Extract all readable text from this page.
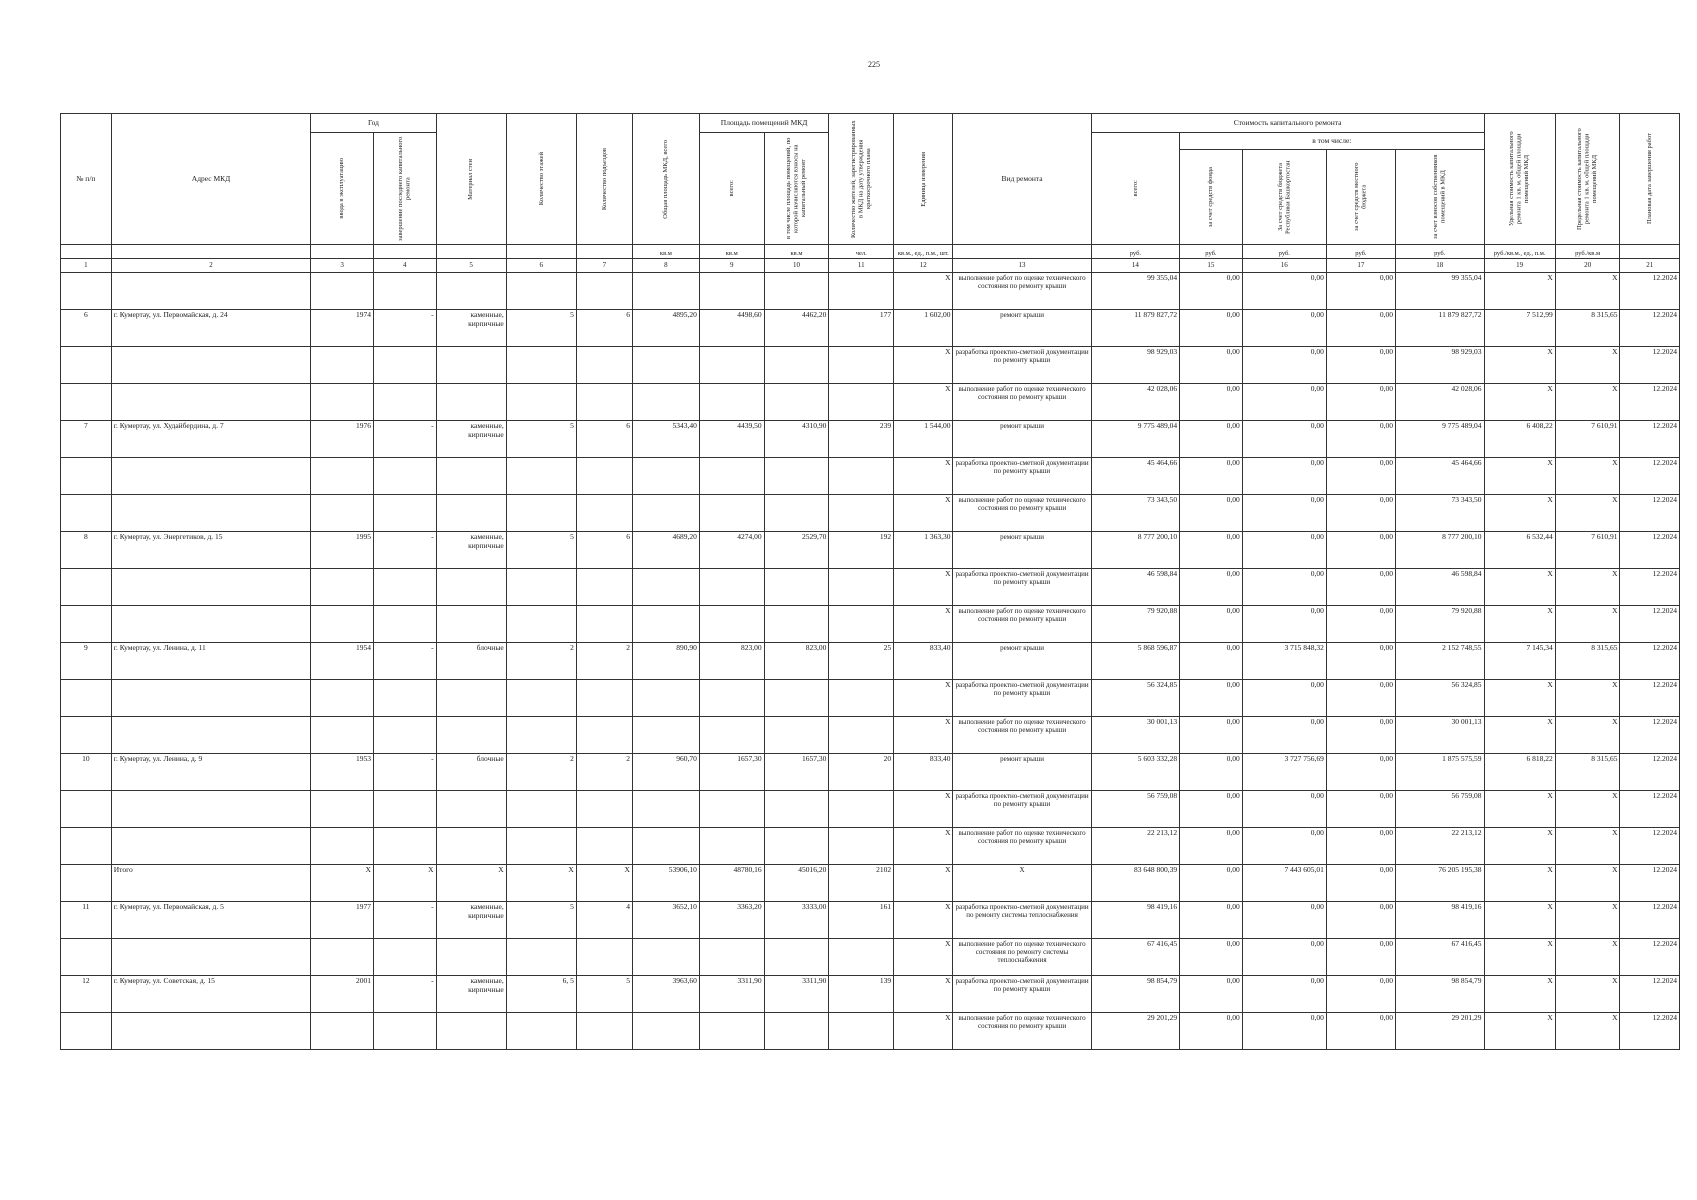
225
№ п/п	Адрес МКД	Год		Материал стен	Количество этажей	Количество подъездов	Общая площадь МКД, всего	Площадь помещений МКД		Количество жителей, зарегистрированных в МКД на дату утверждения краткосрочного плана	Единица измерения	Вид ремонта	Стоимость капитального ремонта					Удельная стоимость капитального ремонта 1 кв. м. общей площади помещений МКД	Предельная стоимость капитального ремонта 1 кв. м. общей площади помещений МКД	Плановая дата завершения работ

		ввода в эксплуатацию	завершение последнего капитального ремонта					всего:	в том числе площадь помещений, по которой начисляются взносы на капитальный ремонт				всего:	в том числе:						

														за счет средств фонда	За счет средств бюджета Республики Башкортостан	за счет средств местного бюджета	за счет взносов собственников помещений в МКД			

							кв.м	кв.м	кв.м	чел.	кв.м., ед., п.м., шт.		руб.	руб.	руб.	руб.	руб.	руб./кв.м., ед., п.м.	руб./кв.м	
1	2	3	4	5	6	7	8	9	10	11	12	13	14	15	16	17	18	19	20	21
											X	выполнение работ по оценке технического состояния по ремонту крыши	99 355,04	0,00	0,00	0,00	99 355,04	X	X	12.2024
6	г. Кумертау, ул. Первомайская, д. 24	1974	-	каменные, кирпичные	5	6	4895,20	4498,60	4462,20	177	1 602,00	ремонт крыши	11 879 827,72	0,00	0,00	0,00	11 879 827,72	7 512,99	8 315,65	12.2024
											X	разработка проектно-сметной документации по ремонту крыши	98 929,03	0,00	0,00	0,00	98 929,03	X	X	12.2024
											X	выполнение работ по оценке технического состояния по ремонту крыши	42 028,06	0,00	0,00	0,00	42 028,06	X	X	12.2024
7	г. Кумертау, ул. Худайбердина, д. 7	1976	-	каменные, кирпичные	5	6	5343,40	4439,50	4310,90	239	1 544,00	ремонт крыши	9 775 489,04	0,00	0,00	0,00	9 775 489,04	6 408,22	7 610,91	12.2024
											X	разработка проектно-сметной документации по ремонту крыши	45 464,66	0,00	0,00	0,00	45 464,66	X	X	12.2024
											X	выполнение работ по оценке технического состояния по ремонту крыши	73 343,50	0,00	0,00	0,00	73 343,50	X	X	12.2024
8	г. Кумертау, ул. Энергетиков, д. 15	1995	-	каменные, кирпичные	5	6	4689,20	4274,00	2529,70	192	1 363,30	ремонт крыши	8 777 200,10	0,00	0,00	0,00	8 777 200,10	6 532,44	7 610,91	12.2024
											X	разработка проектно-сметной документации по ремонту крыши	46 598,84	0,00	0,00	0,00	46 598,84	X	X	12.2024
											X	выполнение работ по оценке технического состояния по ремонту крыши	79 920,88	0,00	0,00	0,00	79 920,88	X	X	12.2024
9	г. Кумертау, ул. Ленина, д. 11	1954	-	блочные	2	2	890,90	823,00	823,00	25	833,40	ремонт крыши	5 868 596,87	0,00	3 715 848,32	0,00	2 152 748,55	7 145,34	8 315,65	12.2024
											X	разработка проектно-сметной документации по ремонту крыши	56 324,85	0,00	0,00	0,00	56 324,85	X	X	12.2024
											X	выполнение работ по оценке технического состояния по ремонту крыши	30 001,13	0,00	0,00	0,00	30 001,13	X	X	12.2024
10	г. Кумертау, ул. Ленина, д. 9	1953	-	блочные	2	2	960,70	1657,30	1657,30	20	833,40	ремонт крыши	5 603 332,28	0,00	3 727 756,69	0,00	1 875 575,59	6 818,22	8 315,65	12.2024
											X	разработка проектно-сметной документации по ремонту крыши	56 759,08	0,00	0,00	0,00	56 759,08	X	X	12.2024
											X	выполнение работ по оценке технического состояния по ремонту крыши	22 213,12	0,00	0,00	0,00	22 213,12	X	X	12.2024
	Итого	X	X	X	X	X	53906,10	48780,16	45016,20	2102	X	X	83 648 800,39	0,00	7 443 605,01	0,00	76 205 195,38	X	X	12.2024
11	г. Кумертау, ул. Первомайская, д. 5	1977	-	каменные, кирпичные	5	4	3652,10	3363,20	3333,00	161	X	разработка проектно-сметной документации по ремонту системы теплоснабжения	98 419,16	0,00	0,00	0,00	98 419,16	X	X	12.2024
											X	выполнение работ по оценке технического состояния по ремонту системы теплоснабжения	67 416,45	0,00	0,00	0,00	67 416,45	X	X	12.2024
12	г. Кумертау, ул. Советская, д. 15	2001	-	каменные, кирпичные	6, 5	5	3963,60	3311,90	3311,90	139	X	разработка проектно-сметной документации по ремонту крыши	98 854,79	0,00	0,00	0,00	98 854,79	X	X	12.2024
											X	выполнение работ по оценке технического состояния по ремонту крыши	29 201,29	0,00	0,00	0,00	29 201,29	X	X	12.2024
